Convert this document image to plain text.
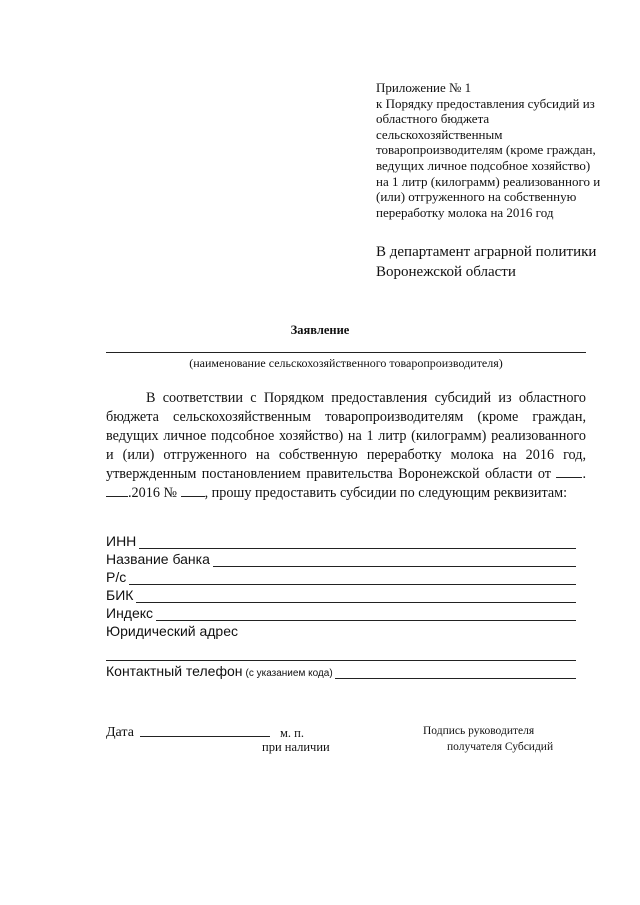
Приложение № 1
к Порядку предоставления субсидий из
областного бюджета
сельскохозяйственным
товаропроизводителям (кроме граждан,
ведущих личное подсобное хозяйство)
на 1 литр (килограмм) реализованного и
(или) отгруженного на собственную
переработку молока на 2016 год
В департамент аграрной политики
Воронежской области
Заявление
(наименование сельскохозяйственного товаропроизводителя)

В соответствии с Порядком предоставления субсидий из областного бюджета сельскохозяйственным товаропроизводителям (кроме граждан, ведущих личное подсобное хозяйство) на 1 литр (килограмм) реализованного и (или) отгруженного на собственную переработку молока на 2016 год, утвержденным постановлением правительства Воронежской области от ..2016 № , прошу предоставить субсидии по следующим реквизитам:

ИНН
Название банка
Р/с
БИК
Индекс
Юридический адрес
Контактный телефон (с указанием кода)
Дата	м. п.
при наличии
Подпись руководителя
получателя Субсидий
